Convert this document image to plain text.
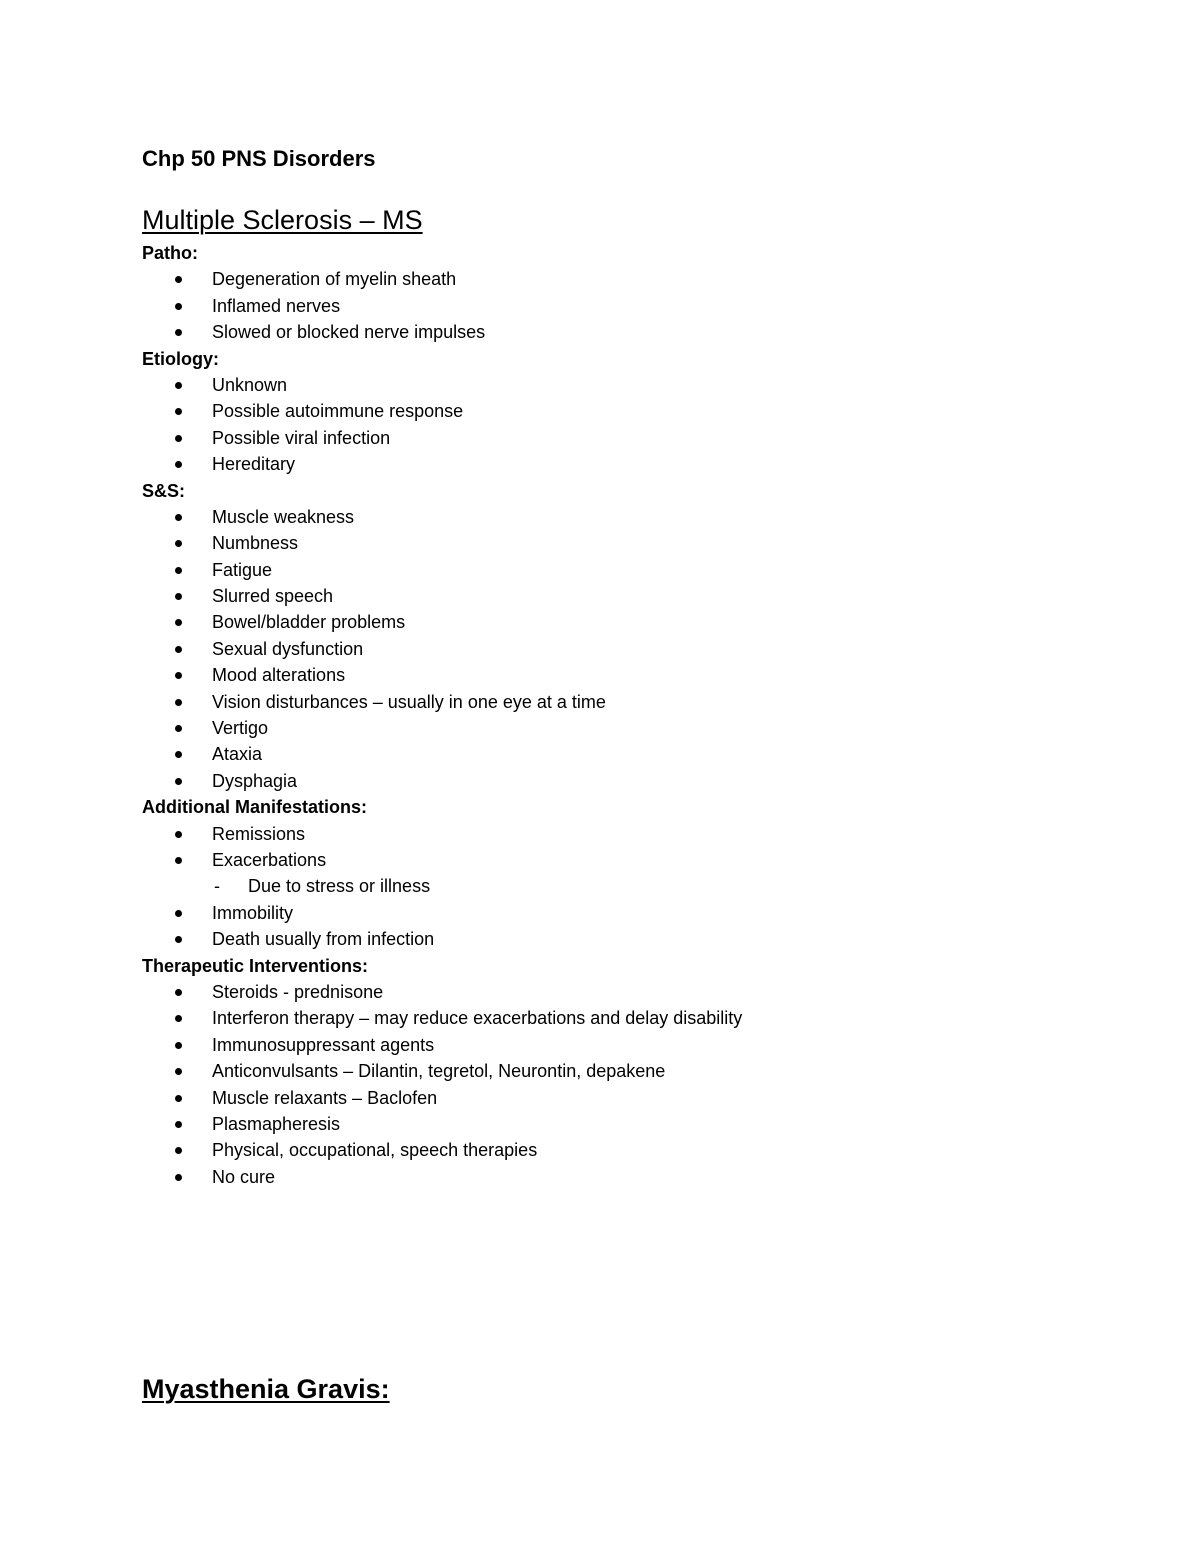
Chp 50 PNS Disorders
Multiple Sclerosis – MS
Patho:
Degeneration of myelin sheath
Inflamed nerves
Slowed or blocked nerve impulses
Etiology:
Unknown
Possible autoimmune response
Possible viral infection
Hereditary
S&S:
Muscle weakness
Numbness
Fatigue
Slurred speech
Bowel/bladder problems
Sexual dysfunction
Mood alterations
Vision disturbances – usually in one eye at a time
Vertigo
Ataxia
Dysphagia
Additional Manifestations:
Remissions
Exacerbations
- Due to stress or illness
Immobility
Death usually from infection
Therapeutic Interventions:
Steroids - prednisone
Interferon therapy – may reduce exacerbations and delay disability
Immunosuppressant agents
Anticonvulsants – Dilantin, tegretol, Neurontin, depakene
Muscle relaxants – Baclofen
Plasmapheresis
Physical, occupational, speech therapies
No cure
Myasthenia Gravis:
